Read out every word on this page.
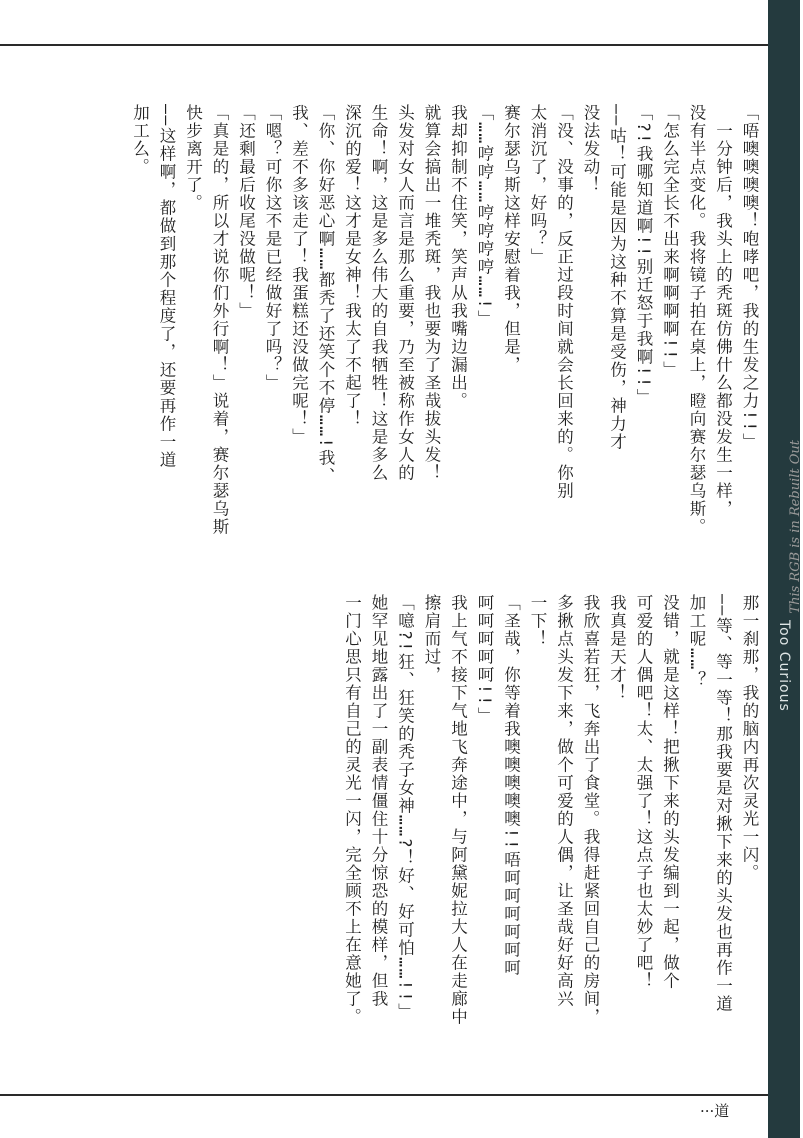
Too Curious
This RGB is in Rebuilt Out
「唔噢噢噢噢！咆哮吧，我的生发之力!!」
　一分钟后，我头上的秃斑仿佛什么都没发生一样，
没有半点变化。我将镜子拍在桌上，瞪向赛尔瑟乌斯。
「怎么完全长不出来啊啊啊啊!!」
「?!我哪知道啊!!别迁怒于我啊!!」
——咕！可能是因为这种不算是受伤，神力才
没法发动！
「没、没事的，反正过段时间就会长回来的。你别
太消沉了，好吗？」
赛尔瑟乌斯这样安慰着我，但是，
「……哼哼……哼哼哼哼……!」
我却抑制不住笑，笑声从我嘴边漏出。
就算会搞出一堆秃斑，我也要为了圣哉拔头发！
头发对女人而言是那么重要，乃至被称作女人的
生命！啊，这是多么伟大的自我牺牲！这是多么
深沉的爱！这才是女神！我太了不起了！
「你、你好恶心啊……都秃了还笑个不停……!我、
我、差不多该走了！我蛋糕还没做完呢！」
「嗯？可你这不是已经做好了吗？」
「还剩最后收尾没做呢！」
「真是的，所以才说你们外行啊！」说着，赛尔瑟乌斯
快步离开了。
——这样啊，都做到那个程度了，还要再作一道
加工么。
那一刹那，我的脑内再次灵光一闪。
——等、等一等！那我要是对揪下来的头发也再作一道
加工呢……？
没错，就是这样！把揪下来的头发编到一起，做个
可爱的人偶吧！太、太强了！这点子也太妙了吧！
我真是天才！
我欣喜若狂，飞奔出了食堂。我得赶紧回自己的房间，
多揪点头发下来，做个可爱的人偶，让圣哉好好高兴
一下！
「圣哉，你等着我噢噢噢噢噢!!唔呵呵呵呵呵呵
呵呵呵呵呵!!」
我上气不接下气地飞奔途中，与阿黛妮拉大人在走廊中
擦肩而过，
「噫?!狂、狂笑的秃子女神……?！好、好可怕……!!」
她罕见地露出了一副表情僵住十分惊恐的模样，但我
一门心思只有自己的灵光一闪，完全顾不上在意她了。
···道
